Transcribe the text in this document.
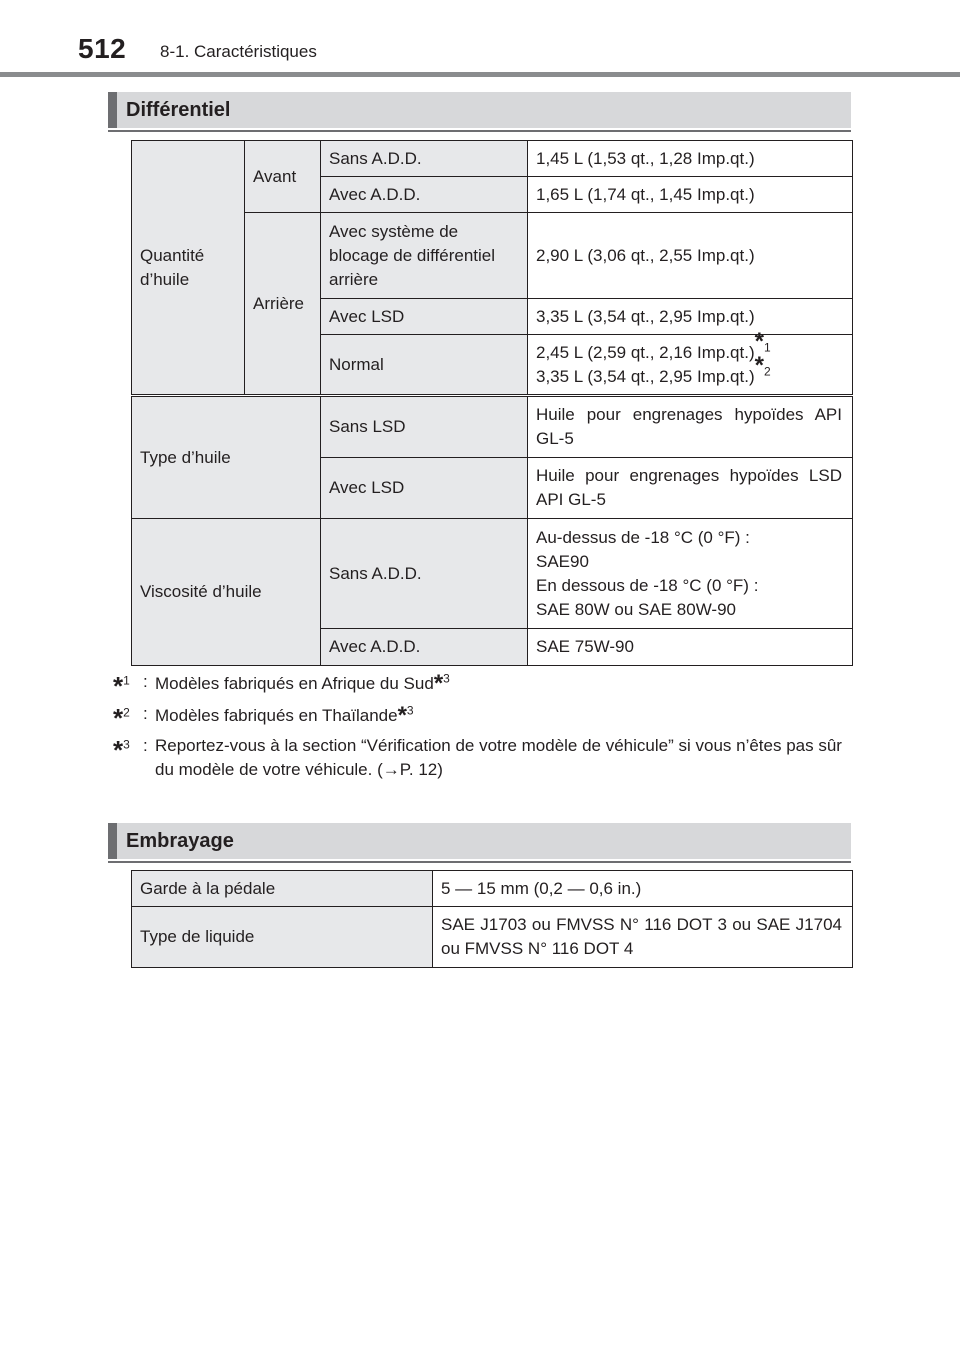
512 8-1. Caractéristiques
Différentiel
Quantité
d’huile	Avant	Sans A.D.D.	1,45 L (1,53 qt., 1,28 Imp.qt.)
		Avec A.D.D.	1,65 L (1,74 qt., 1,45 Imp.qt.)
	Arrière	Avec système de
blocage de différentiel
arrière	2,90 L (3,06 qt., 2,55 Imp.qt.)
		Avec LSD	3,35 L (3,54 qt., 2,95 Imp.qt.)
		Normal	2,45 L (2,59 qt., 2,16 Imp.qt.)$^{*1}$
3,35 L (3,54 qt., 2,95 Imp.qt.)$^{*2}$
Type d’huile	Sans LSD	Huile pour engrenages hypoïdes API GL-5
	Avec LSD	Huile pour engrenages hypoïdes LSD API GL-5
Viscosité d’huile	Sans A.D.D.	Au-dessus de -18 °C (0 °F) :
SAE90
En dessous de -18 °C (0 °F) :
SAE 80W ou SAE 80W-90
	Avec A.D.D.	SAE 75W-90
*$^1$ : Modèles fabriqués en Afrique du Sud*$^3$
*$^2$ : Modèles fabriqués en Thaïlande*$^3$
*$^3$ : Reportez-vous à la section “Vérification de votre modèle de véhicule” si vous n’êtes pas sûr du modèle de votre véhicule. (→P. 12)
Embrayage
Garde à la pédale	5 — 15 mm (0,2 — 0,6 in.)
Type de liquide	SAE J1703 ou FMVSS N° 116 DOT 3 ou SAE J1704 ou FMVSS N° 116 DOT 4
